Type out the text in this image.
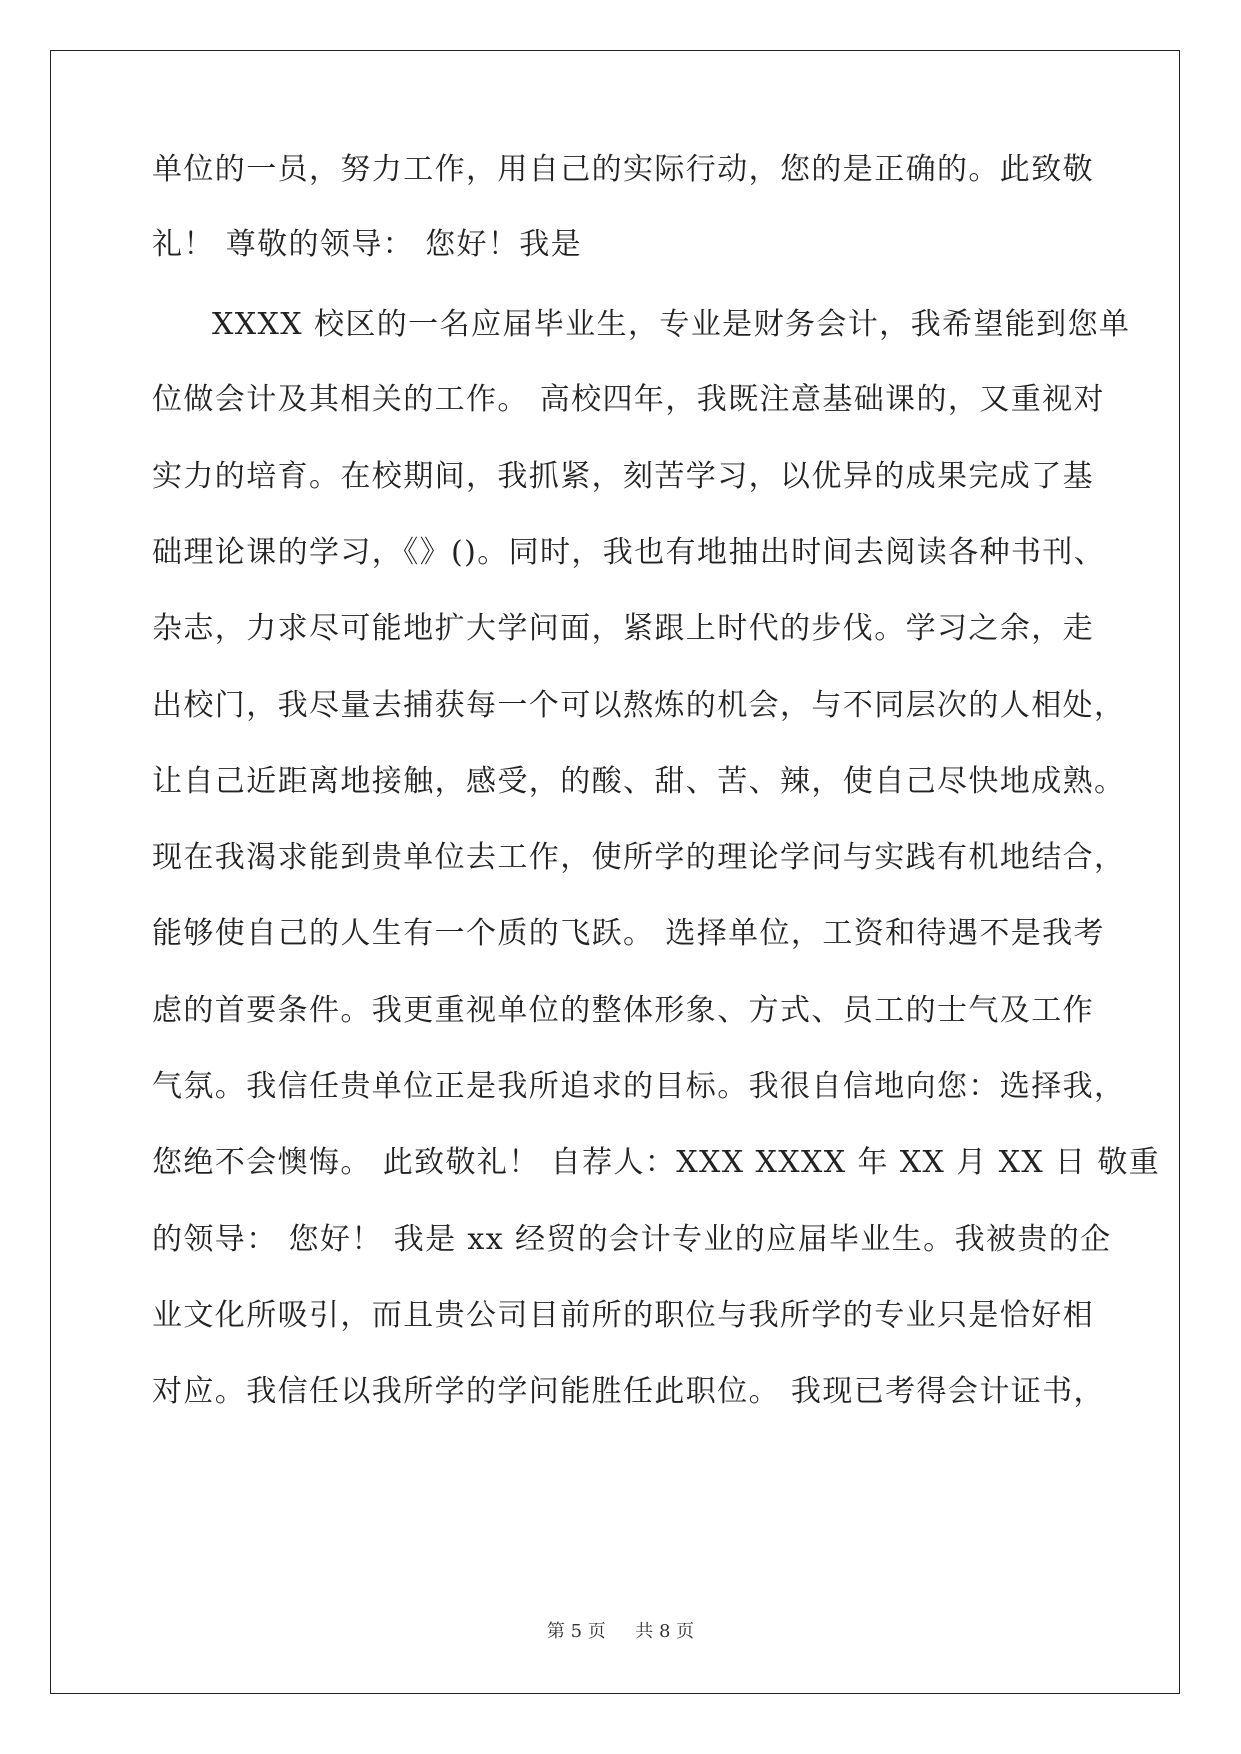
单位的一员，努力工作，用自己的实际行动，您的是正确的。此致敬
礼！ 尊敬的领导： 您好！我是
XXXX 校区的一名应届毕业生，专业是财务会计，我希望能到您单
位做会计及其相关的工作。 高校四年，我既注意基础课的，又重视对
实力的培育。在校期间，我抓紧，刻苦学习，以优异的成果完成了基
础理论课的学习，《》()。同时，我也有地抽出时间去阅读各种书刊、
杂志，力求尽可能地扩大学问面，紧跟上时代的步伐。学习之余，走
出校门，我尽量去捕获每一个可以熬炼的机会，与不同层次的人相处，
让自己近距离地接触，感受，的酸、甜、苦、辣，使自己尽快地成熟。
现在我渴求能到贵单位去工作，使所学的理论学问与实践有机地结合，
能够使自己的人生有一个质的飞跃。 选择单位，工资和待遇不是我考
虑的首要条件。我更重视单位的整体形象、方式、员工的士气及工作
气氛。我信任贵单位正是我所追求的目标。我很自信地向您：选择我，
您绝不会懊悔。 此致敬礼！ 自荐人：XXX XXXX 年 XX 月 XX 日 敬重
的领导： 您好！ 我是 xx 经贸的会计专业的应届毕业生。我被贵的企
业文化所吸引，而且贵公司目前所的职位与我所学的专业只是恰好相
对应。我信任以我所学的学问能胜任此职位。 我现已考得会计证书，
第 5 页 共 8 页
